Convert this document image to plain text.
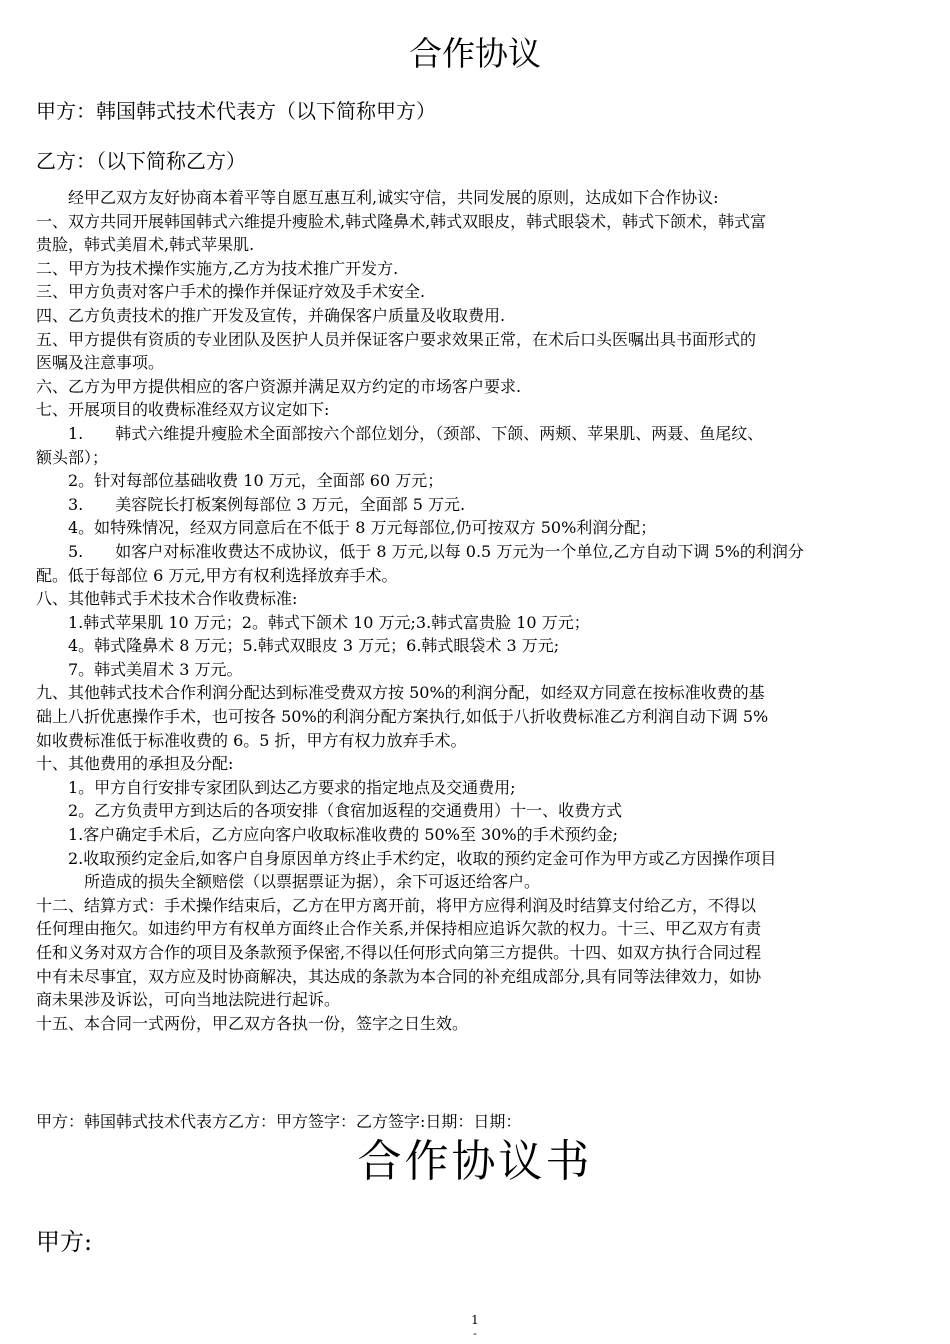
合作协议
甲方：韩国韩式技术代表方（以下简称甲方）
乙方：（以下简称乙方）

　　经甲乙双方友好协商本着平等自愿互惠互利,诚实守信，共同发展的原则，达成如下合作协议:

一、双方共同开展韩国韩式六维提升瘦脸术,韩式隆鼻术,韩式双眼皮，韩式眼袋术，韩式下颌术，韩式富

贵脸，韩式美眉术,韩式苹果肌.

二、甲方为技术操作实施方,乙方为技术推广开发方.

三、甲方负责对客户手术的操作并保证疗效及手术安全.

四、乙方负责技术的推广开发及宣传，并确保客户质量及收取费用.

五、甲方提供有资质的专业团队及医护人员并保证客户要求效果正常，在术后口头医嘱出具书面形式的

医嘱及注意事项。

六、乙方为甲方提供相应的客户资源并满足双方约定的市场客户要求.

七、开展项目的收费标准经双方议定如下:

　　1.　　韩式六维提升瘦脸术全面部按六个部位划分，（颈部、下颌、两颊、苹果肌、两聂、鱼尾纹、

额头部）；

　　2。针对每部位基础收费 10 万元，全面部 60 万元；

　　3.　　美容院长打板案例每部位 3 万元，全面部 5 万元.

　　4。如特殊情况，经双方同意后在不低于 8 万元每部位,仍可按双方 50%利润分配；

　　5.　　如客户对标准收费达不成协议，低于 8 万元,以每 0.5 万元为一个单位,乙方自动下调 5%的利润分

配。低于每部位 6 万元,甲方有权利选择放弃手术。

八、其他韩式手术技术合作收费标准:

　　1.韩式苹果肌 10 万元；2。韩式下颌术 10 万元;3.韩式富贵脸 10 万元；

　　4。韩式隆鼻术 8 万元；5.韩式双眼皮 3 万元；6.韩式眼袋术 3 万元;

　　7。韩式美眉术 3 万元。

九、其他韩式技术合作利润分配达到标准受费双方按 50%的利润分配，如经双方同意在按标准收费的基

础上八折优惠操作手术，也可按各 50%的利润分配方案执行,如低于八折收费标准乙方利润自动下调 5%

如收费标准低于标准收费的 6。5 折，甲方有权力放弃手术。

十、其他费用的承担及分配:

　　1。甲方自行安排专家团队到达乙方要求的指定地点及交通费用;

　　2。乙方负责甲方到达后的各项安排（食宿加返程的交通费用）十一、收费方式

　　1.客户确定手术后，乙方应向客户收取标准收费的 50%至 30%的手术预约金;

　　2.收取预约定金后,如客户自身原因单方终止手术约定，收取的预约定金可作为甲方或乙方因操作项目

　　　所造成的损失全额赔偿（以票据票证为据），余下可返还给客户。

十二、结算方式：手术操作结束后，乙方在甲方离开前，将甲方应得利润及时结算支付给乙方，不得以

任何理由拖欠。如违约甲方有权单方面终止合作关系,并保持相应追诉欠款的权力。十三、甲乙双方有责

任和义务对双方合作的项目及条款预予保密,不得以任何形式向第三方提供。十四、如双方执行合同过程

中有未尽事宜，双方应及时协商解决，其达成的条款为本合同的补充组成部分,具有同等法律效力，如协

商未果涉及诉讼，可向当地法院进行起诉。

十五、本合同一式两份，甲乙双方各执一份，签字之日生效。

甲方：韩国韩式技术代表方乙方：甲方签字：乙方签字:日期：日期：
合作协议书
甲方:
1
-
